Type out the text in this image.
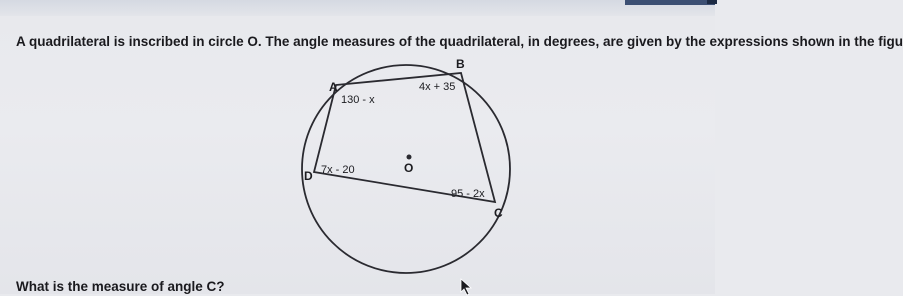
A quadrilateral is inscribed in circle O. The angle measures of the quadrilateral, in degrees, are given by the expressions shown in the figu
O
A
B
C
D
130 - x
4x + 35
95 - 2x
7x - 20
What is the measure of angle C?
